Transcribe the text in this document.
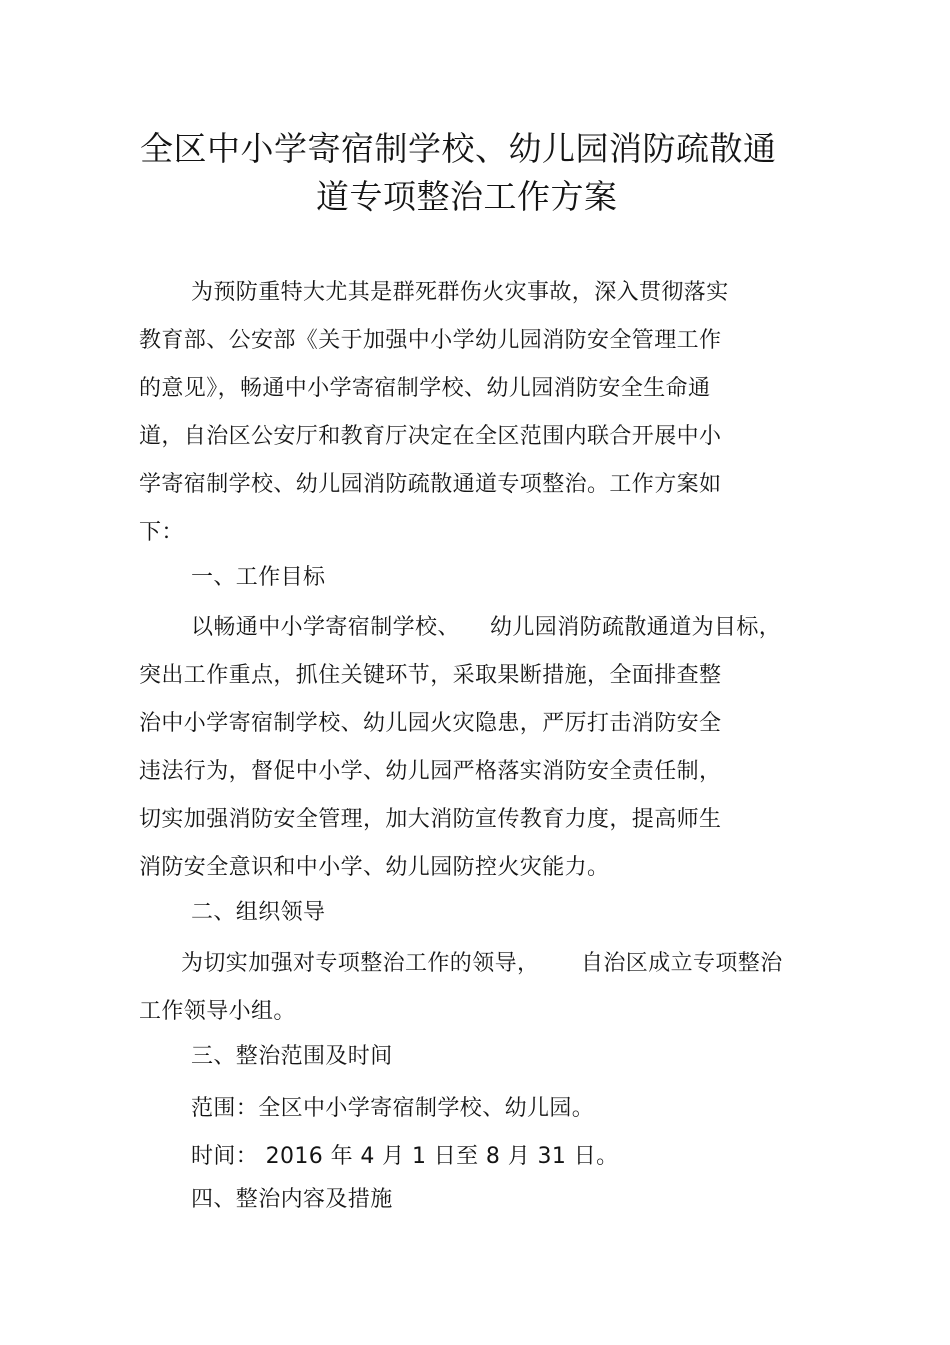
全区中小学寄宿制学校、幼儿园消防疏散通
道专项整治工作方案
为预防重特大尤其是群死群伤火灾事故，深入贯彻落实
教育部、公安部《关于加强中小学幼儿园消防安全管理工作
的意见》，畅通中小学寄宿制学校、幼儿园消防安全生命通
道，自治区公安厅和教育厅决定在全区范围内联合开展中小
学寄宿制学校、幼儿园消防疏散通道专项整治。工作方案如
下：
一、工作目标
以畅通中小学寄宿制学校、 幼儿园消防疏散通道为目标，
突出工作重点，抓住关键环节，采取果断措施，全面排查整
治中小学寄宿制学校、幼儿园火灾隐患，严厉打击消防安全
违法行为，督促中小学、幼儿园严格落实消防安全责任制，
切实加强消防安全管理，加大消防宣传教育力度，提高师生
消防安全意识和中小学、幼儿园防控火灾能力。
二、组织领导
为切实加强对专项整治工作的领导， 自治区成立专项整治
工作领导小组。
三、整治范围及时间
范围：全区中小学寄宿制学校、幼儿园。
时间： 2016 年 4 月 1 日至 8 月 31 日。
四、整治内容及措施
